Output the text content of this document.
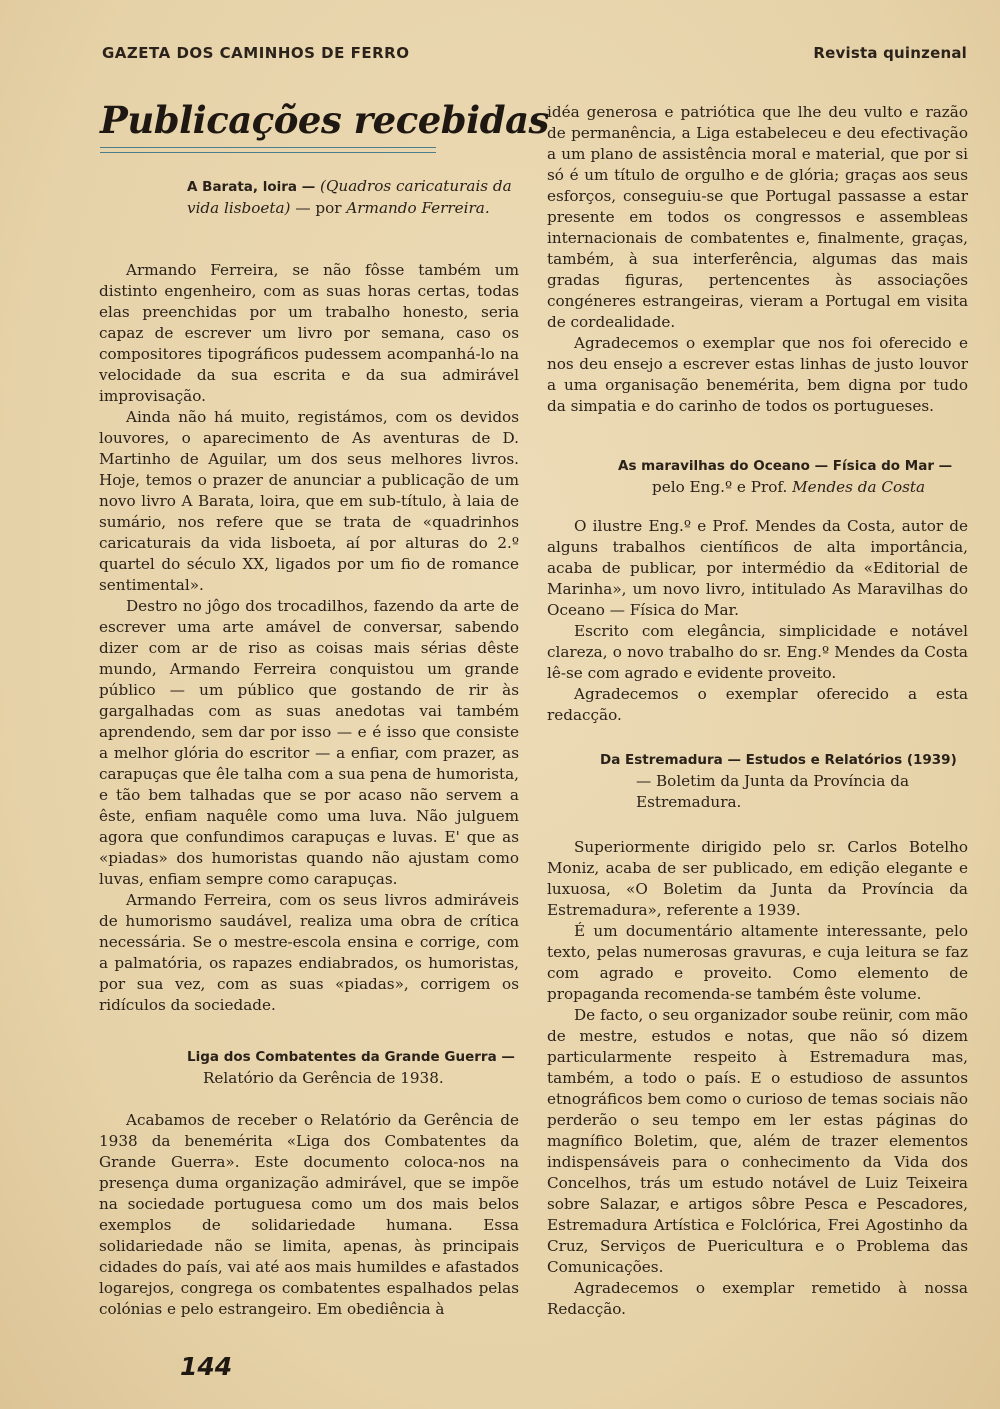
GAZETA DOS CAMINHOS DE FERRO	Revista quinzenal
Publicações recebidas
A Barata, loira — (Quadros caricaturais da vida lisboeta) — por Armando Ferreira.

Armando Ferreira, se não fôsse também um distinto engenheiro, com as suas horas certas, todas elas preenchidas por um trabalho honesto, seria capaz de escrever um livro por semana, caso os compositores tipográficos pudessem acompanhá-lo na velocidade da sua escrita e da sua admirável improvisação.

Ainda não há muito, registámos, com os devidos louvores, o aparecimento de As aventuras de D. Martinho de Aguilar, um dos seus melhores livros. Hoje, temos o prazer de anunciar a publicação de um novo livro A Barata, loira, que em sub-título, à laia de sumário, nos refere que se trata de «quadrinhos caricaturais da vida lisboeta, aí por alturas do 2.º quartel do século XX, ligados por um fio de romance sentimental».

Destro no jôgo dos trocadilhos, fazendo da arte de escrever uma arte amável de conversar, sabendo dizer com ar de riso as coisas mais sérias dêste mundo, Armando Ferreira conquistou um grande público — um público que gostando de rir às gargalhadas com as suas anedotas vai também aprendendo, sem dar por isso — e é isso que consiste a melhor glória do escritor — a enfiar, com prazer, as carapuças que êle talha com a sua pena de humorista, e tão bem talhadas que se por acaso não servem a êste, enfiam naquêle como uma luva. Não julguem agora que confundimos carapuças e luvas. E' que as «piadas» dos humoristas quando não ajustam como luvas, enfiam sempre como carapuças.

Armando Ferreira, com os seus livros admiráveis de humorismo saudável, realiza uma obra de crítica necessária. Se o mestre-escola ensina e corrige, com a palmatória, os rapazes endiabrados, os humoristas, por sua vez, com as suas «piadas», corrigem os ridículos da sociedade.

Liga dos Combatentes da Grande Guerra —
Relatório da Gerência de 1938.

Acabamos de receber o Relatório da Gerência de 1938 da benemérita «Liga dos Combatentes da Grande Guerra». Este documento coloca-nos na presença duma organização admirável, que se impõe na sociedade portuguesa como um dos mais belos exemplos de solidariedade humana. Essa solidariedade não se limita, apenas, às principais cidades do país, vai até aos mais humildes e afastados logarejos, congrega os combatentes espalhados pelas colónias e pelo estrangeiro. Em obediência à

idéa generosa e patriótica que lhe deu vulto e razão de permanência, a Liga estabeleceu e deu efectivação a um plano de assistência moral e material, que por si só é um título de orgulho e de glória; graças aos seus esforços, conseguiu-se que Portugal passasse a estar presente em todos os congressos e assembleas internacionais de combatentes e, finalmente, graças, também, à sua interferência, algumas das mais gradas figuras, pertencentes às associações congéneres estrangeiras, vieram a Portugal em visita de cordealidade.

Agradecemos o exemplar que nos foi oferecido e nos deu ensejo a escrever estas linhas de justo louvor a uma organisação benemérita, bem digna por tudo da simpatia e do carinho de todos os portugueses.

As maravilhas do Oceano — Física do Mar —
pelo Eng.º e Prof. Mendes da Costa

O ilustre Eng.º e Prof. Mendes da Costa, autor de alguns trabalhos científicos de alta importância, acaba de publicar, por intermédio da «Editorial de Marinha», um novo livro, intitulado As Maravilhas do Oceano — Física do Mar.

Escrito com elegância, simplicidade e notável clareza, o novo trabalho do sr. Eng.º Mendes da Costa lê-se com agrado e evidente proveito.

Agradecemos o exemplar oferecido a esta redacção.

Da Estremadura — Estudos e Relatórios (1939)
— Boletim da Junta da Província da Estremadura.

Superiormente dirigido pelo sr. Carlos Botelho Moniz, acaba de ser publicado, em edição elegante e luxuosa, «O Boletim da Junta da Província da Estremadura», referente a 1939.

É um documentário altamente interessante, pelo texto, pelas numerosas gravuras, e cuja leitura se faz com agrado e proveito. Como elemento de propaganda recomenda-se também êste volume.

De facto, o seu organizador soube reünir, com mão de mestre, estudos e notas, que não só dizem particularmente respeito à Estremadura mas, também, a todo o país. E o estudioso de assuntos etnográficos bem como o curioso de temas sociais não perderão o seu tempo em ler estas páginas do magnífico Boletim, que, além de trazer elementos indispensáveis para o conhecimento da Vida dos Concelhos, trás um estudo notável de Luiz Teixeira sobre Salazar, e artigos sôbre Pesca e Pescadores, Estremadura Artística e Folclórica, Frei Agostinho da Cruz, Serviços de Puericultura e o Problema das Comunicações.

Agradecemos o exemplar remetido à nossa Redacção.

144
